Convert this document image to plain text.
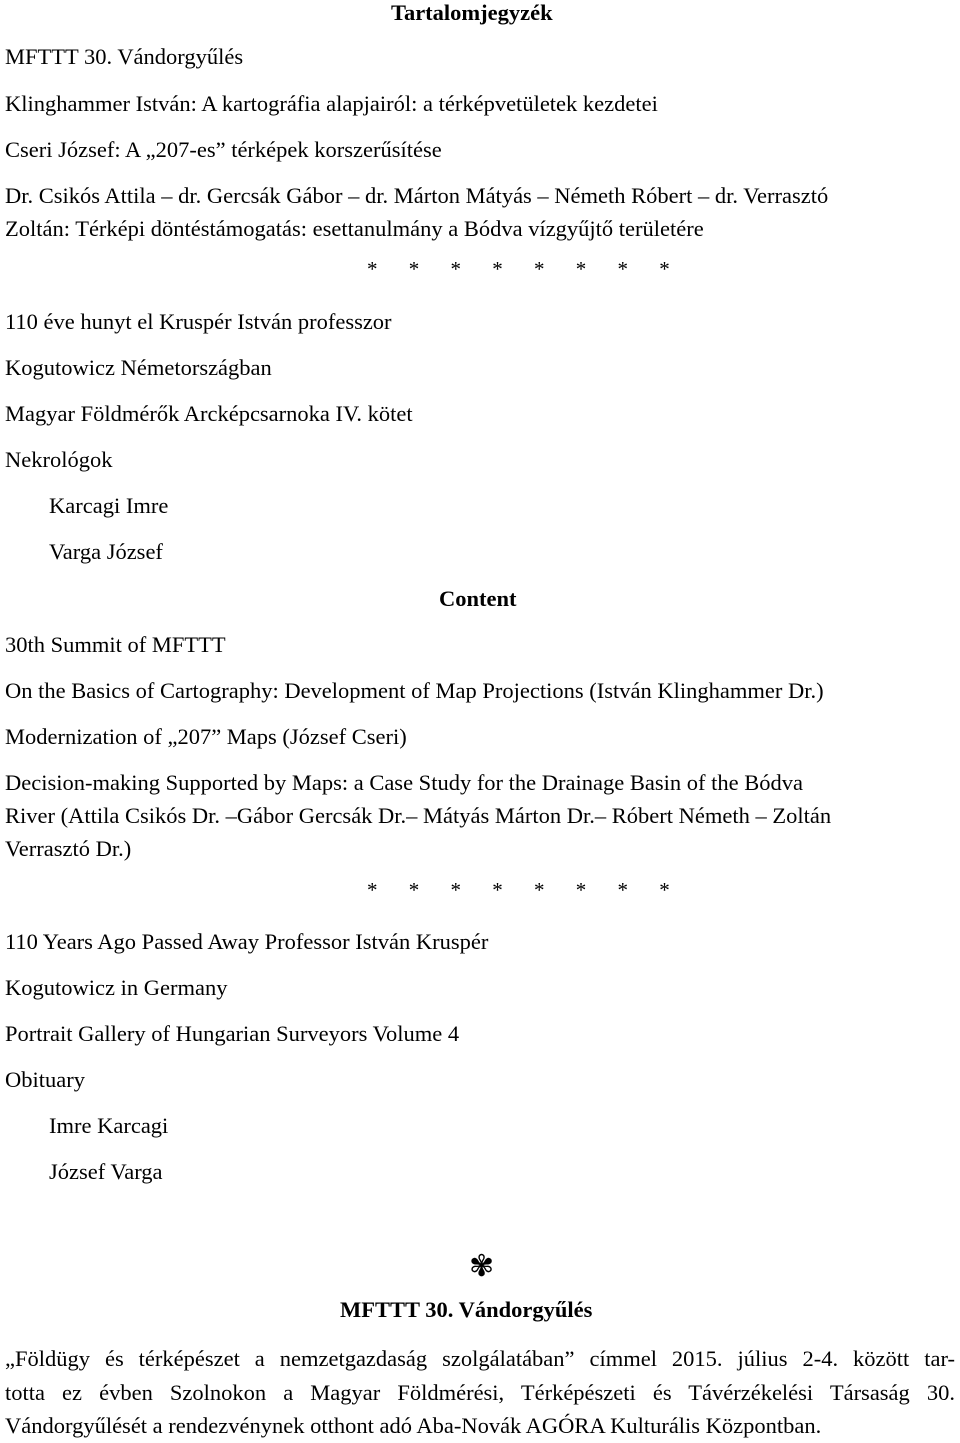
Tartalomjegyzék
MFTTT 30. Vándorgyűlés
Klinghammer István: A kartográfia alapjairól: a térképvetületek kezdetei
Cseri József: A „207-es” térképek korszerűsítése
Dr. Csikós Attila – dr. Gercsák Gábor – dr. Márton Mátyás – Németh Róbert – dr. Verrasztó
Zoltán: Térképi döntéstámogatás: esettanulmány a Bódva vízgyűjtő területére
* * * * * * * *
110 éve hunyt el Kruspér István professzor
Kogutowicz Németországban
Magyar Földmérők Arcképcsarnoka IV. kötet
Nekrológok
Karcagi Imre
Varga József
Content
30th Summit of MFTTT
On the Basics of Cartography: Development of Map Projections (István Klinghammer Dr.)
Modernization of „207” Maps (József Cseri)
Decision-making Supported by Maps: a Case Study for the Drainage Basin of the Bódva
River (Attila Csikós Dr. –Gábor Gercsák Dr.– Mátyás Márton Dr.– Róbert Németh – Zoltán
Verrasztó Dr.)
* * * * * * * *
110 Years Ago Passed Away Professor István Kruspér
Kogutowicz in Germany
Portrait Gallery of Hungarian Surveyors Volume 4
Obituary
Imre Karcagi
József Varga
✾
MFTTT 30. Vándorgyűlés
„Földügy és térképészet a nemzetgazdaság szolgálatában” címmel 2015. július 2-4. között tar-
totta ez évben Szolnokon a Magyar Földmérési, Térképészeti és Távérzékelési Társaság 30.
Vándorgyűlését a rendezvénynek otthont adó Aba-Novák AGÓRA Kulturális Központban.
